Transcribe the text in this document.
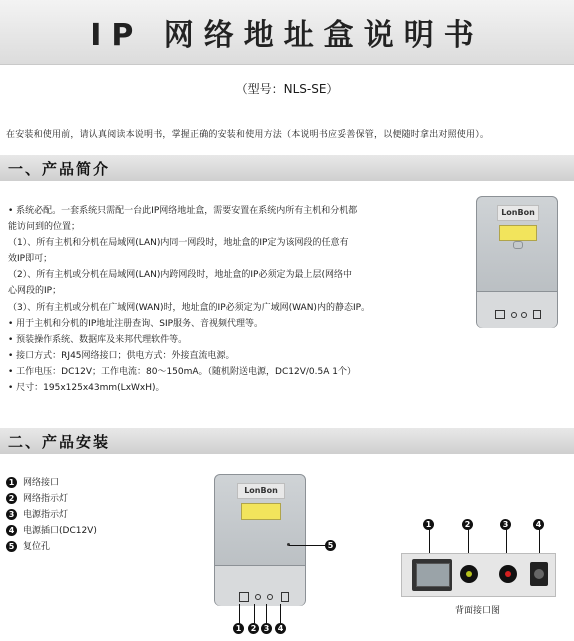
IP 网络地址盒说明书
（型号：NLS-SE）
在安装和使用前，请认真阅读本说明书，掌握正确的安装和使用方法（本说明书应妥善保管，以便随时拿出对照使用）。
一、产品简介

• 系统必配。一套系统只需配一台此IP网络地址盒，需要安置在系统内所有主机和分机都

能访问到的位置；

（1）、所有主机和分机在局域网(LAN)内同一网段时，地址盒的IP定为该网段的任意有

效IP即可；

（2）、所有主机或分机在局域网(LAN)内跨网段时，地址盒的IP必须定为最上层(网络中

心网段的IP；

（3）、所有主机或分机在广域网(WAN)时，地址盒的IP必须定为广域网(WAN)内的静态IP。

• 用于主机和分机的IP地址注册查询、SIP服务、音视频代理等。

• 预装操作系统、数据库及来邦代理软件等。

• 接口方式：RJ45网络接口；供电方式：外接直流电源。

• 工作电压：DC12V；工作电流：80～150mA。（随机附送电源，DC12V/0.5A 1个）

• 尺寸：195x125x43mm(LxWxH)。

LonBon
二、产品安装
1 网络接口
2 网络指示灯
3 电源指示灯
4 电源插口(DC12V)
5 复位孔
LonBon
1	2 3	4
5
1	2	3	4
背面接口图
